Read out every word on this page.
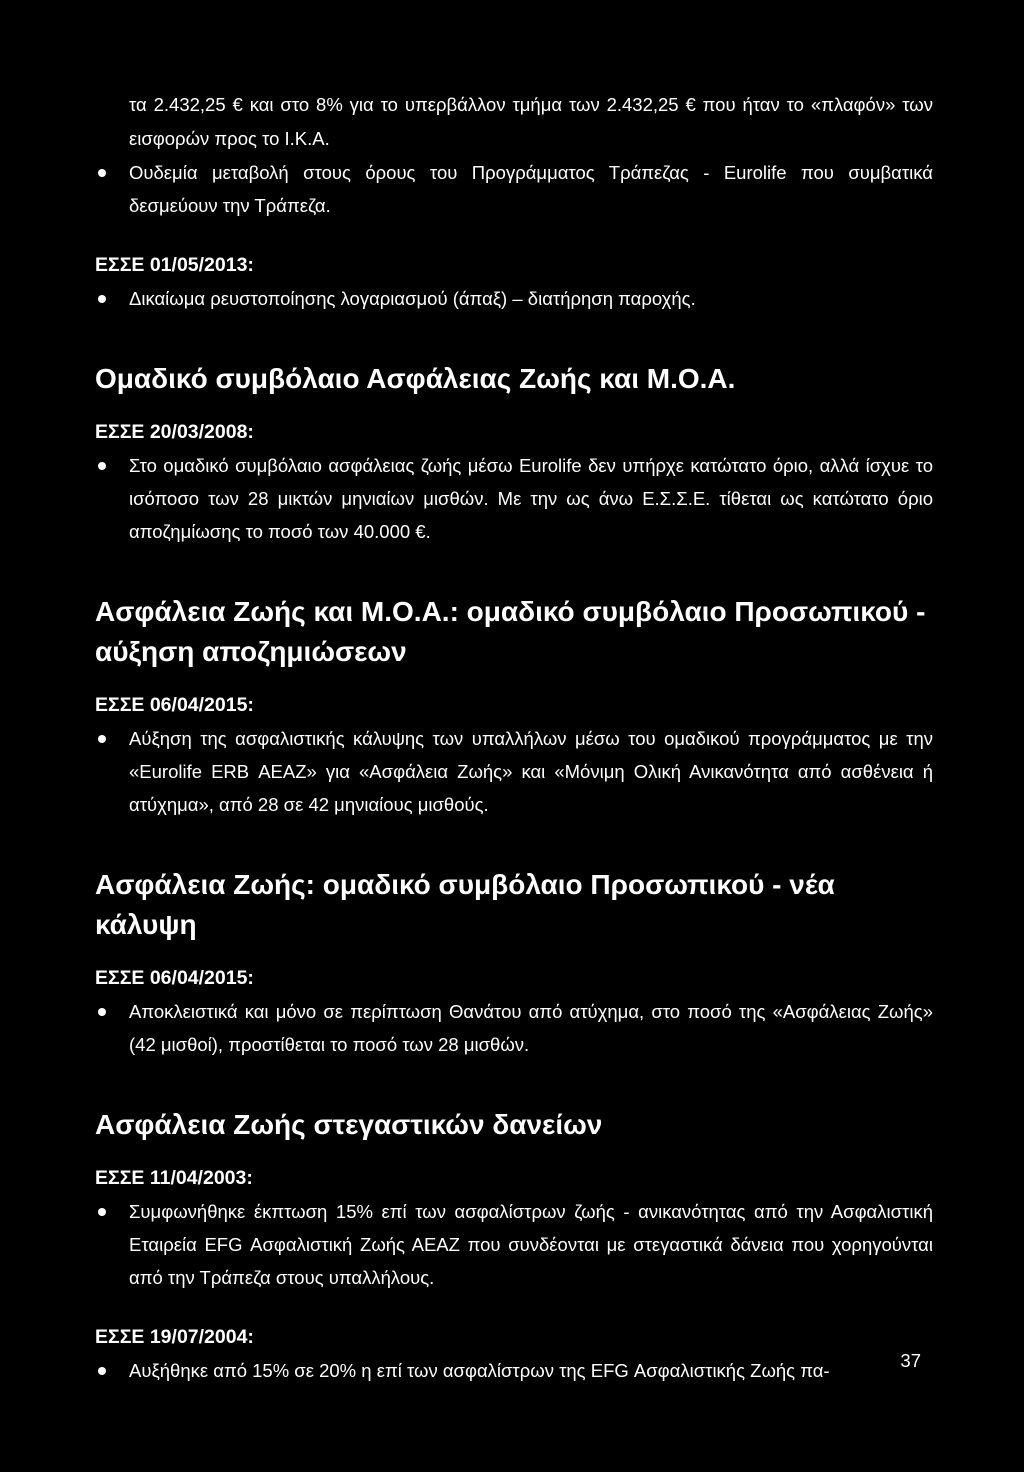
τα 2.432,25 € και στο 8% για το υπερβάλλον τμήμα των 2.432,25 € που ήταν το «πλαφόν» των εισφορών προς το Ι.Κ.Α.

Ουδεμία μεταβολή στους όρους του Προγράμματος Τράπεζας - Eurolife που συμβατικά δεσμεύουν την Τράπεζα.

ΕΣΣΕ 01/05/2013:

Δικαίωμα ρευστοποίησης λογαριασμού (άπαξ) – διατήρηση παροχής.

Ομαδικό συμβόλαιο Ασφάλειας Ζωής και Μ.Ο.Α.

ΕΣΣΕ 20/03/2008:

Στο ομαδικό συμβόλαιο ασφάλειας ζωής μέσω Eurolife δεν υπήρχε κατώτατο όριο, αλλά ίσχυε το ισόποσο των 28 μικτών μηνιαίων μισθών. Με την ως άνω Ε.Σ.Σ.Ε. τίθεται ως κατώτατο όριο αποζημίωσης το ποσό των 40.000 €.

Ασφάλεια Ζωής και Μ.Ο.Α.: ομαδικό συμβόλαιο Προσωπικού - αύξηση αποζημιώσεων

ΕΣΣΕ 06/04/2015:

Αύξηση της ασφαλιστικής κάλυψης των υπαλλήλων μέσω του ομαδικού προγράμματος με την «Eurolife ERB ΑΕΑΖ» για «Ασφάλεια Ζωής» και «Μόνιμη Ολική Ανικανότητα από ασθένεια ή ατύχημα», από 28 σε 42 μηνιαίους μισθούς.

Ασφάλεια Ζωής: ομαδικό συμβόλαιο Προσωπικού - νέα κάλυψη

ΕΣΣΕ 06/04/2015:

Αποκλειστικά και μόνο σε περίπτωση Θανάτου από ατύχημα, στο ποσό της «Ασφάλειας Ζωής» (42 μισθοί), προστίθεται το ποσό των 28 μισθών.

Ασφάλεια Ζωής στεγαστικών δανείων

ΕΣΣΕ 11/04/2003:

Συμφωνήθηκε έκπτωση 15% επί των ασφαλίστρων ζωής - ανικανότητας από την Ασφαλιστική Εταιρεία EFG Ασφαλιστική Ζωής ΑΕΑΖ που συνδέονται με στεγαστικά δάνεια που χορηγούνται από την Τράπεζα στους υπαλλήλους.

ΕΣΣΕ 19/07/2004:

Αυξήθηκε από 15% σε 20% η επί των ασφαλίστρων της EFG Ασφαλιστικής Ζωής πα-	37
